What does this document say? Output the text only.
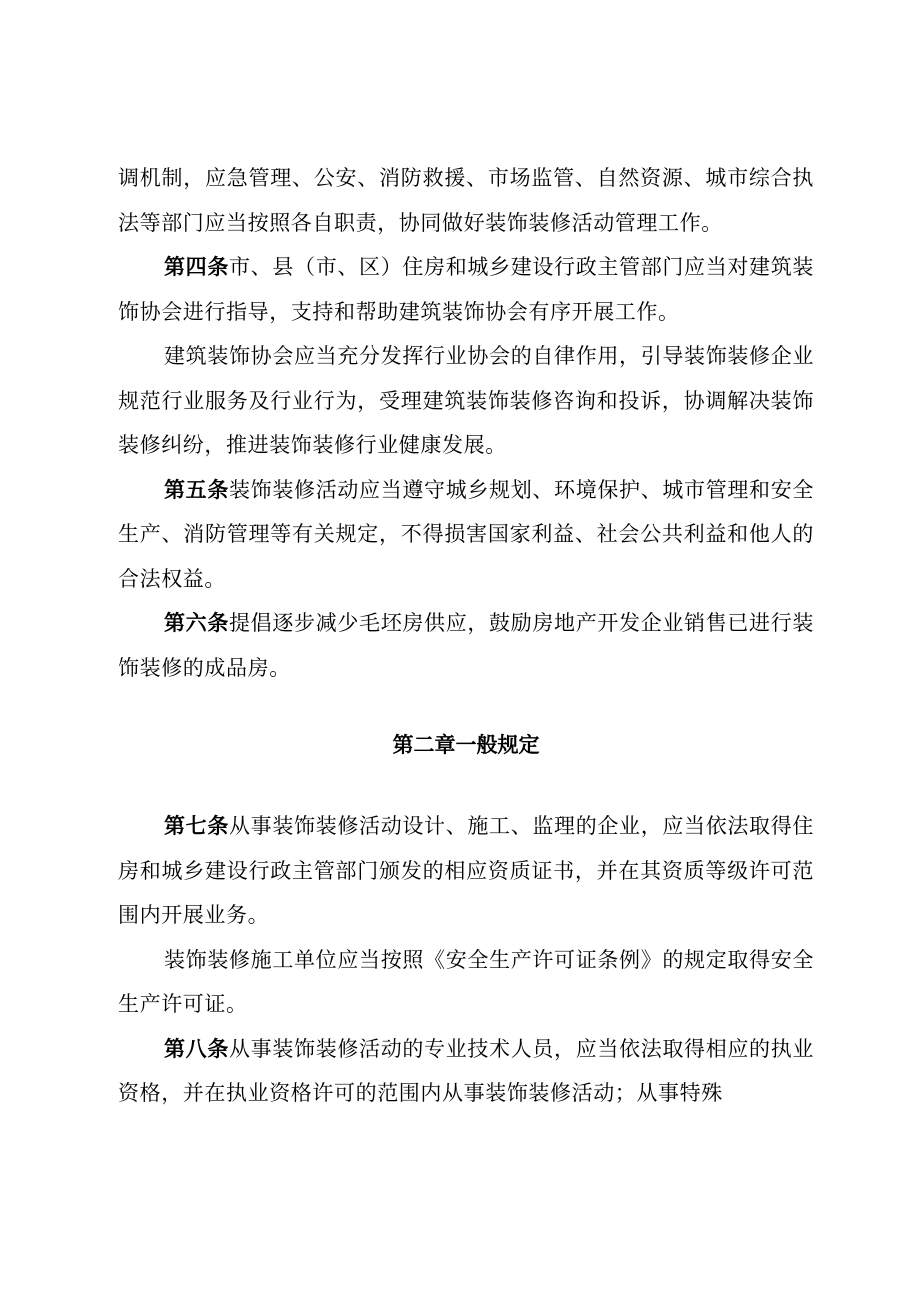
调机制，应急管理、公安、消防救援、市场监管、自然资源、城市综合执法等部门应当按照各自职责，协同做好装饰装修活动管理工作。

第四条市、县（市、区）住房和城乡建设行政主管部门应当对建筑装饰协会进行指导，支持和帮助建筑装饰协会有序开展工作。

建筑装饰协会应当充分发挥行业协会的自律作用，引导装饰装修企业规范行业服务及行业行为，受理建筑装饰装修咨询和投诉，协调解决装饰装修纠纷，推进装饰装修行业健康发展。

第五条装饰装修活动应当遵守城乡规划、环境保护、城市管理和安全生产、消防管理等有关规定，不得损害国家利益、社会公共利益和他人的合法权益。

第六条提倡逐步减少毛坯房供应，鼓励房地产开发企业销售已进行装饰装修的成品房。

第二章一般规定

第七条从事装饰装修活动设计、施工、监理的企业，应当依法取得住房和城乡建设行政主管部门颁发的相应资质证书，并在其资质等级许可范围内开展业务。

装饰装修施工单位应当按照《安全生产许可证条例》的规定取得安全生产许可证。

第八条从事装饰装修活动的专业技术人员，应当依法取得相应的执业资格，并在执业资格许可的范围内从事装饰装修活动；从事特殊
